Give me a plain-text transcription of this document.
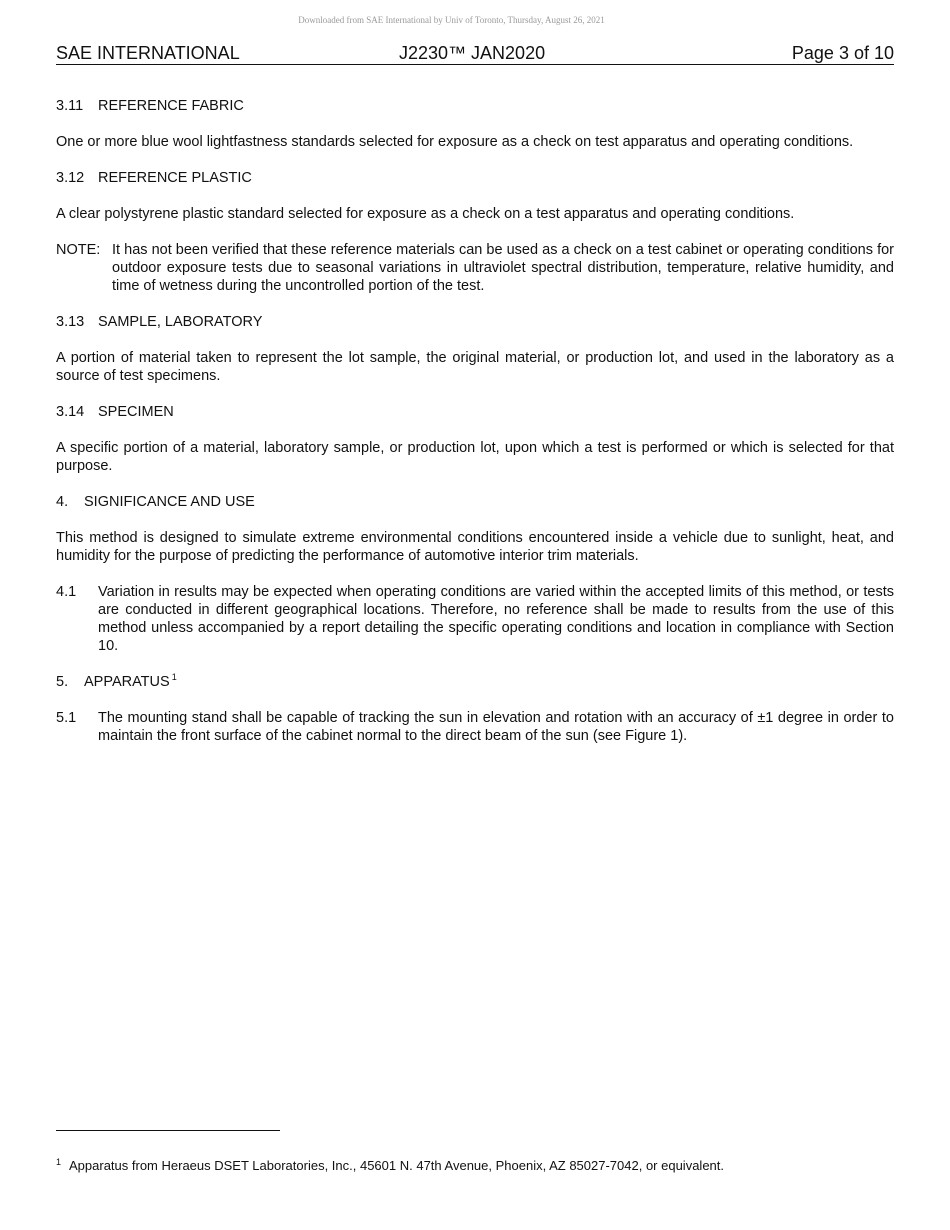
Downloaded from SAE International by Univ of Toronto, Thursday, August 26, 2021
SAE INTERNATIONAL	J2230™ JAN2020	Page 3 of 10
3.11 REFERENCE FABRIC

One or more blue wool lightfastness standards selected for exposure as a check on test apparatus and operating conditions.

3.12 REFERENCE PLASTIC

A clear polystyrene plastic standard selected for exposure as a check on a test apparatus and operating conditions.

NOTE: It has not been verified that these reference materials can be used as a check on a test cabinet or operating conditions for outdoor exposure tests due to seasonal variations in ultraviolet spectral distribution, temperature, relative humidity, and time of wetness during the uncontrolled portion of the test.
3.13 SAMPLE, LABORATORY

A portion of material taken to represent the lot sample, the original material, or production lot, and used in the laboratory as a source of test specimens.

3.14 SPECIMEN

A specific portion of a material, laboratory sample, or production lot, upon which a test is performed or which is selected for that purpose.

4. SIGNIFICANCE AND USE

This method is designed to simulate extreme environmental conditions encountered inside a vehicle due to sunlight, heat, and humidity for the purpose of predicting the performance of automotive interior trim materials.

4.1	Variation in results may be expected when operating conditions are varied within the accepted limits of this method, or tests are conducted in different geographical locations. Therefore, no reference shall be made to results from the use of this method unless accompanied by a report detailing the specific operating conditions and location in compliance with Section 10.
5. APPARATUS $^1$
5.1	The mounting stand shall be capable of tracking the sun in elevation and rotation with an accuracy of ±1 degree in order to maintain the front surface of the cabinet normal to the direct beam of the sun (see Figure 1).
$^1$ Apparatus from Heraeus DSET Laboratories, Inc., 45601 N. 47th Avenue, Phoenix, AZ 85027-7042, or equivalent.
